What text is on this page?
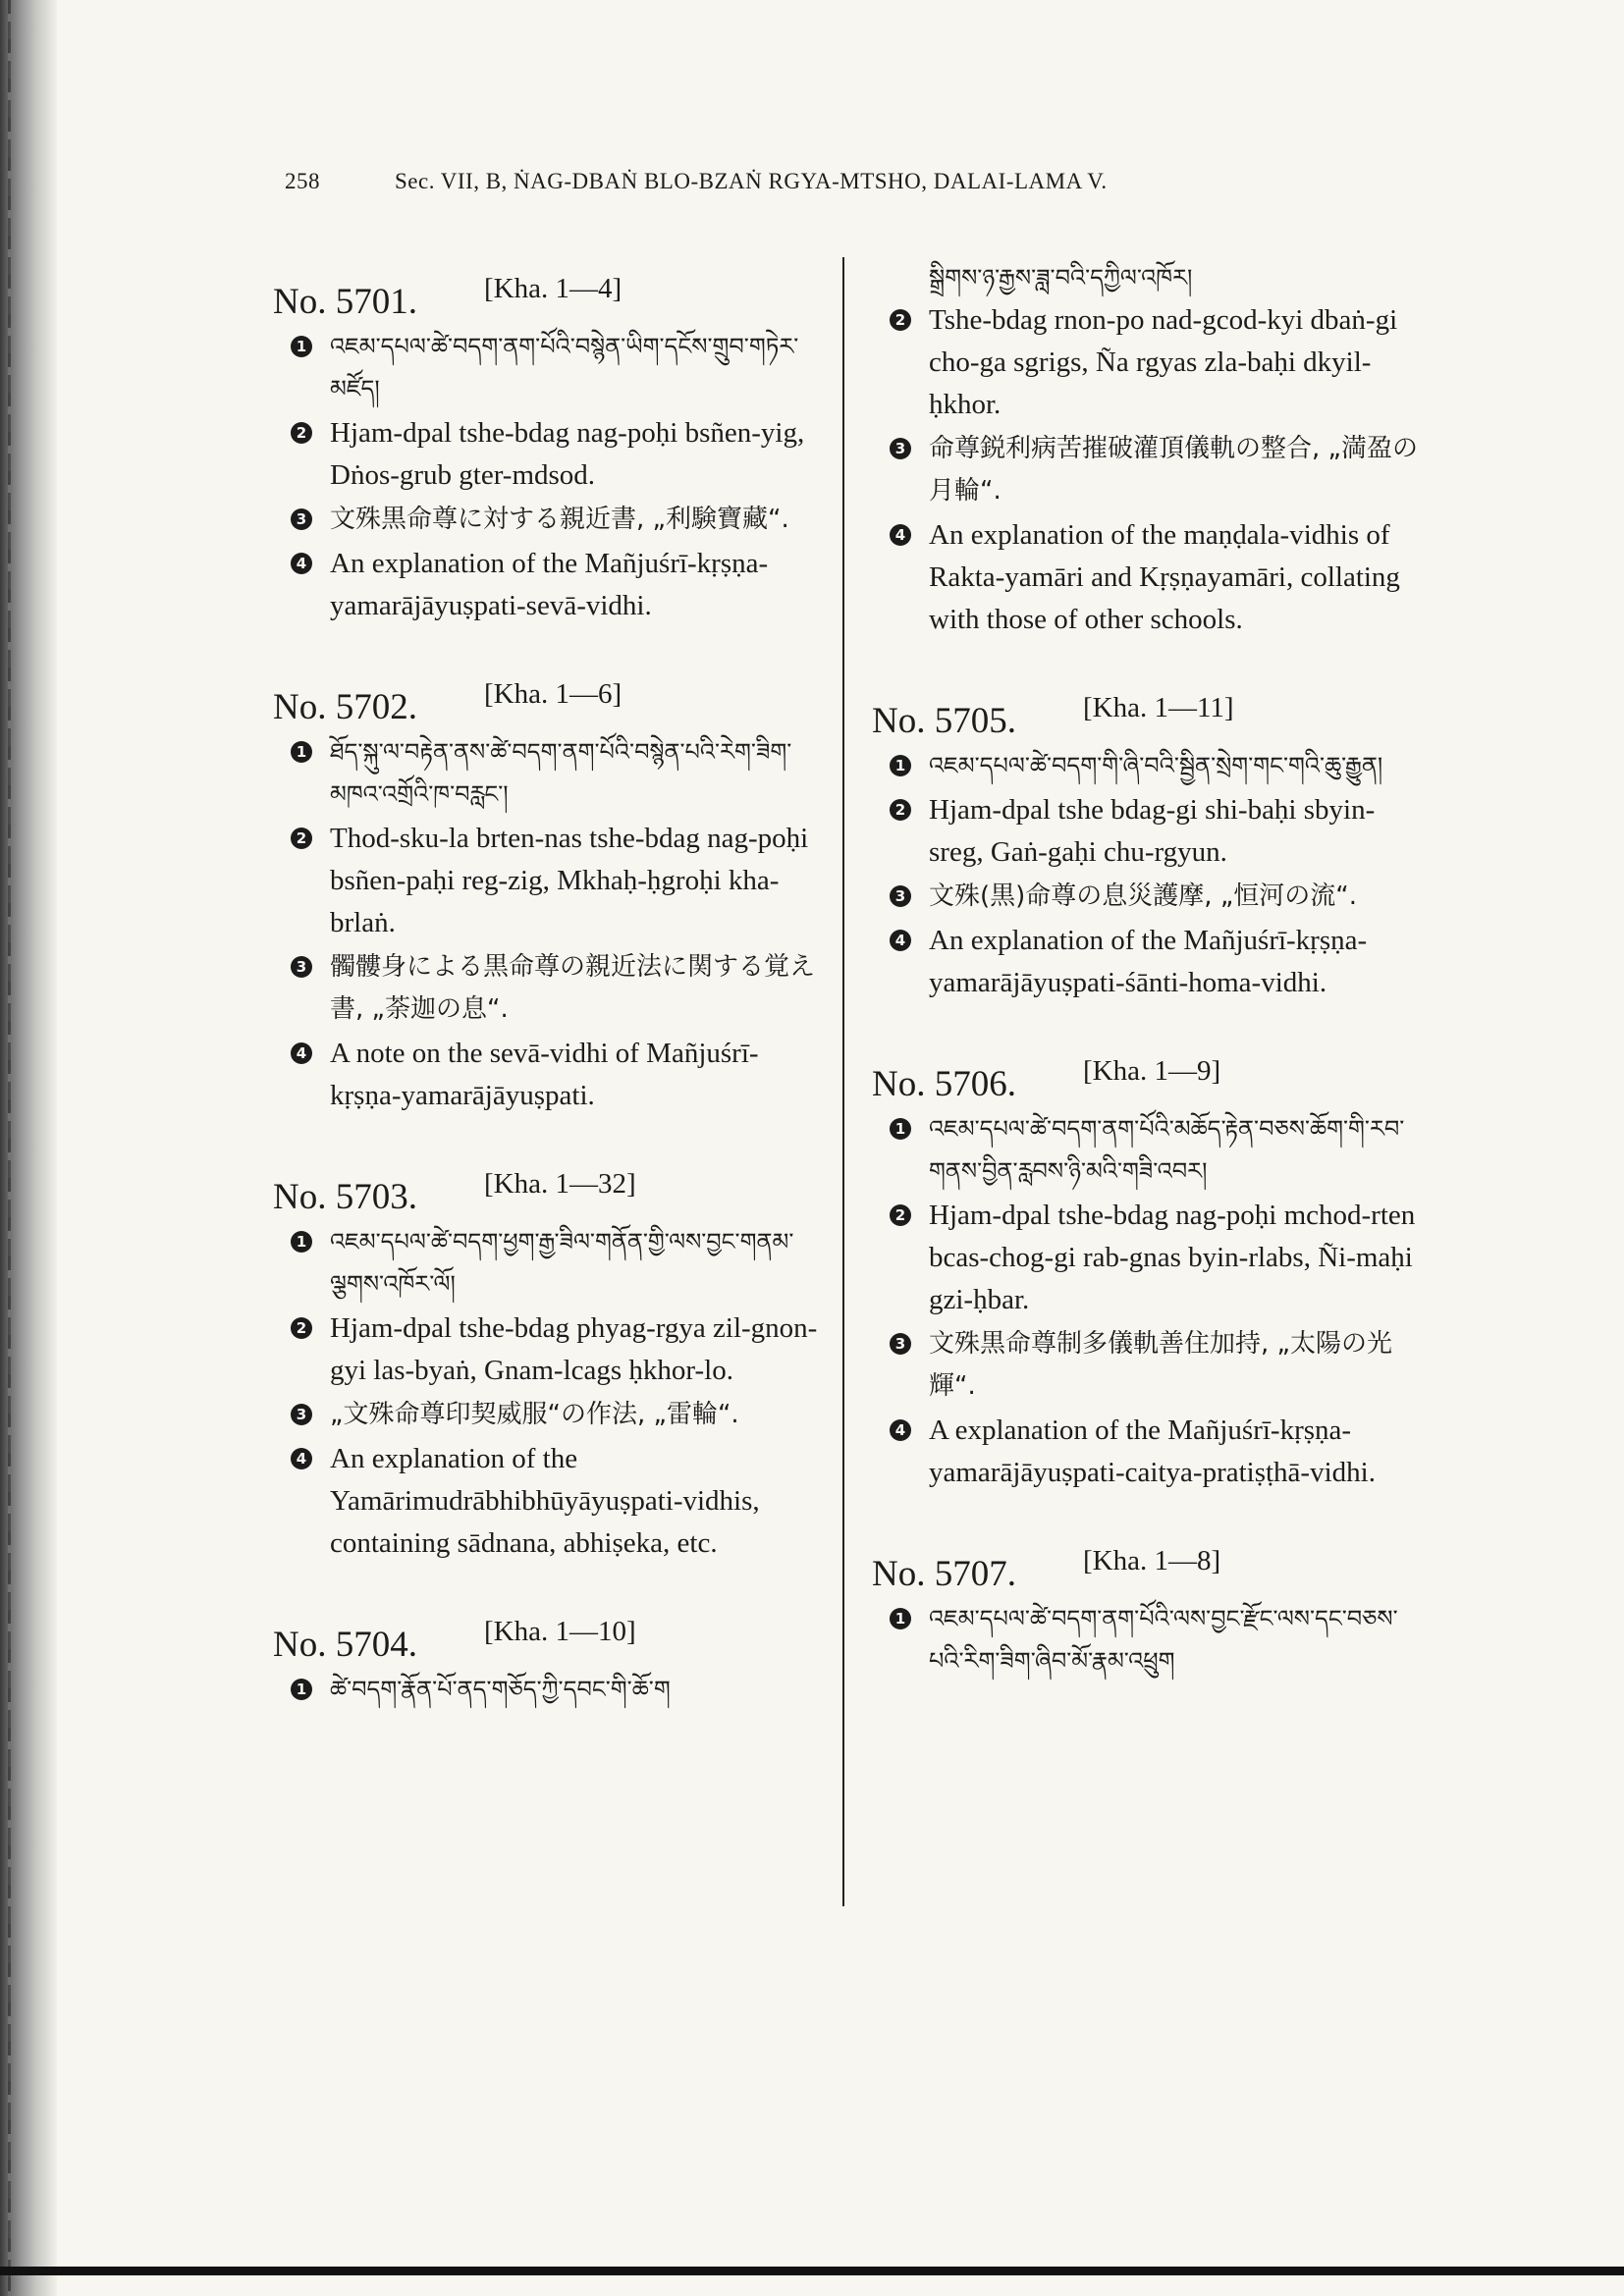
258	Sec. VII, B, ṄAG-DBAṄ BLO-BZAṄ RGYA-MTSHO, DALAI-LAMA V.
No. 5701. [Kha. 1—4]
1 འཇམ་དཔལ་ཚེ་བདག་ནག་པོའི་བསྙེན་ཡིག་དངོས་གྲུབ་གཏེར་མཛོད།
2 Hjam-dpal tshe-bdag nag-poḥi bsñen-yig, Dṅos-grub gter-mdsod.
3 文殊黒命尊に対する親近書, „利験寶藏“.
4 An explanation of the Mañjuśrī-kṛṣṇa-yamarājāyuṣpati-sevā-vidhi.
No. 5702. [Kha. 1—6]
1 ཐོད་སྐུ་ལ་བརྟེན་ནས་ཚེ་བདག་ནག་པོའི་བསྙེན་པའི་རེག་ཟིག་མཁའ་འགྲོའི་ཁ་བརླང་།
2 Thod-sku-la brten-nas tshe-bdag nag-poḥi bsñen-paḥi reg-zig, Mkhaḥ-ḥgroḥi kha-brlaṅ.
3 髑髏身による黒命尊の親近法に関する覚え書, „荼迦の息“.
4 A note on the sevā-vidhi of Mañjuśrī-kṛṣṇa-yamarājāyuṣpati.
No. 5703. [Kha. 1—32]
1 འཇམ་དཔལ་ཚེ་བདག་ཕྱག་རྒྱ་ཟིལ་གནོན་གྱི་ལས་བྱང་གནམ་ལྕགས་འཁོར་ལོ།
2 Hjam-dpal tshe-bdag phyag-rgya zil-gnon-gyi las-byaṅ, Gnam-lcags ḥkhor-lo.
3 „文殊命尊印契威服“の作法, „雷輪“.
4 An explanation of the Yamārimudrābhibhūyāyuṣpati-vidhis, containing sādnana, abhiṣeka, etc.
No. 5704. [Kha. 1—10]
1 ཚེ་བདག་རྣོན་པོ་ནད་གཅོད་ཀྱི་དབང་གི་ཆོ་ག
སྒྲིགས་ཉ་རྒྱས་ཟླ་བའི་དཀྱིལ་འཁོར།
2 Tshe-bdag rnon-po nad-gcod-kyi dbaṅ-gi cho-ga sgrigs, Ña rgyas zla-baḥi dkyil-ḥkhor.
3 命尊鋭利病苦摧破灌頂儀軌の整合, „満盈の月輪“.
4 An explanation of the maṇḍala-vidhis of Rakta-yamāri and Kṛṣṇayamāri, collating with those of other schools.
No. 5705. [Kha. 1—11]
1 འཇམ་དཔལ་ཚེ་བདག་གི་ཞི་བའི་སྦྱིན་སྲེག་གང་གའི་ཆུ་རྒྱུན།
2 Hjam-dpal tshe bdag-gi shi-baḥi sbyin-sreg, Gaṅ-gaḥi chu-rgyun.
3 文殊(黒)命尊の息災護摩, „恒河の流“.
4 An explanation of the Mañjuśrī-kṛṣṇa-yamarājāyuṣpati-śānti-homa-vidhi.
No. 5706. [Kha. 1—9]
1 འཇམ་དཔལ་ཚེ་བདག་ནག་པོའི་མཆོད་རྟེན་བཅས་ཆོག་གི་རབ་གནས་བྱིན་རླབས་ཉི་མའི་གཟི་འབར།
2 Hjam-dpal tshe-bdag nag-poḥi mchod-rten bcas-chog-gi rab-gnas byin-rlabs, Ñi-maḥi gzi-ḥbar.
3 文殊黒命尊制多儀軌善住加持, „太陽の光輝“.
4 A explanation of the Mañjuśrī-kṛṣṇa-yamarājāyuṣpati-caitya-pratiṣṭhā-vidhi.
No. 5707. [Kha. 1—8]
1 འཇམ་དཔལ་ཚེ་བདག་ནག་པོའི་ལས་བྱང་རྫོང་ལས་དང་བཅས་པའི་རིག་ཟིག་ཞིབ་མོ་རྣམ་འཕྲུག
